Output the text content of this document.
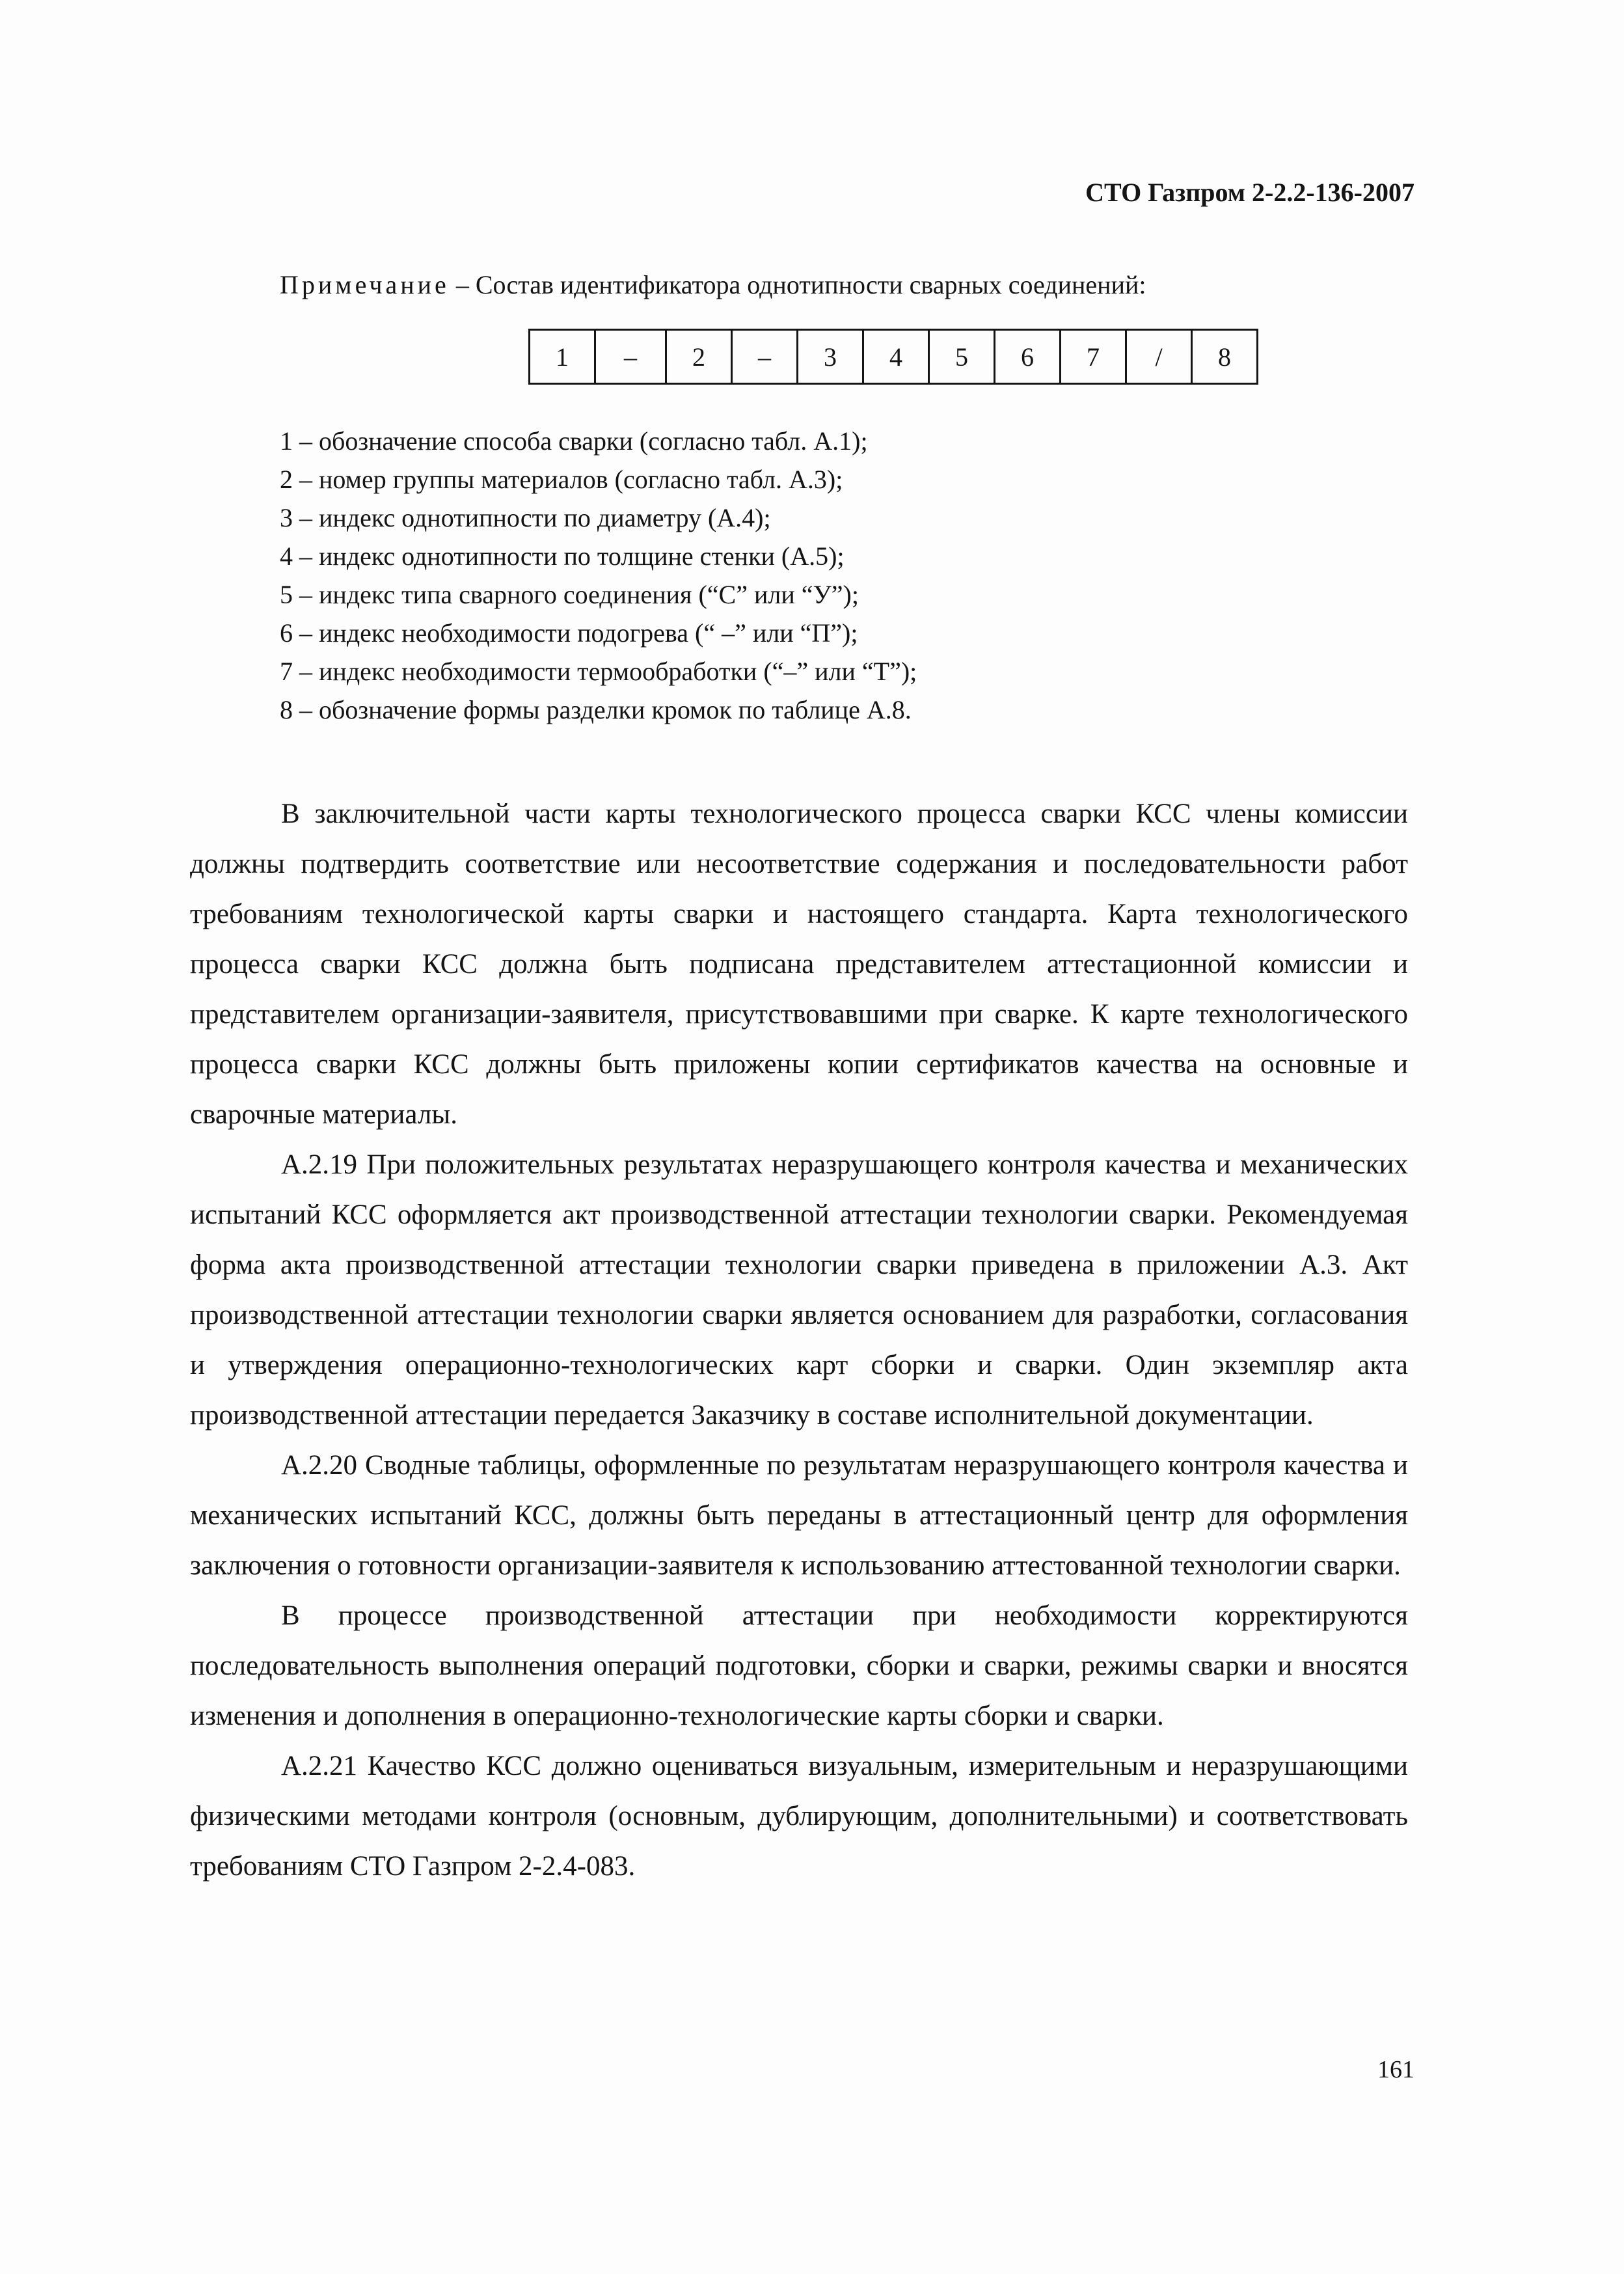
СТО Газпром 2-2.2-136-2007
Примечание – Состав идентификатора однотипности сварных соединений:
1	–	2	–	3	4	5	6	7	/	8
1 – обозначение способа сварки (согласно табл. А.1);
2 – номер группы материалов (согласно табл. А.3);
3 – индекс однотипности по диаметру (А.4);
4 – индекс однотипности по толщине стенки (А.5);
5 – индекс типа сварного соединения (“С” или “У”);
6 – индекс необходимости подогрева (“ –” или “П”);
7 – индекс необходимости термообработки (“–” или “Т”);
8 – обозначение формы разделки кромок по таблице А.8.

В заключительной части карты технологического процесса сварки КСС члены комиссии должны подтвердить соответствие или несоответствие содержания и последовательности работ требованиям технологической карты сварки и настоящего стандарта. Карта технологического процесса сварки КСС должна быть подписана представителем аттестационной комиссии и представителем организации-заявителя, присутствовавшими при сварке. К карте технологического процесса сварки КСС должны быть приложены копии сертификатов качества на основные и сварочные материалы.

А.2.19 При положительных результатах неразрушающего контроля качества и механических испытаний КСС оформляется акт производственной аттестации технологии сварки. Рекомендуемая форма акта производственной аттестации технологии сварки приведена в приложении А.3. Акт производственной аттестации технологии сварки является основанием для разработки, согласования и утверждения операционно-технологических карт сборки и сварки. Один экземпляр акта производственной аттестации передается Заказчику в составе исполнительной документации.

А.2.20 Сводные таблицы, оформленные по результатам неразрушающего контроля качества и механических испытаний КСС, должны быть переданы в аттестационный центр для оформления заключения о готовности организации-заявителя к использованию аттестованной технологии сварки.

В процессе производственной аттестации при необходимости корректируются последовательность выполнения операций подготовки, сборки и сварки, режимы сварки и вносятся изменения и дополнения в операционно-технологические карты сборки и сварки.

А.2.21 Качество КСС должно оцениваться визуальным, измерительным и неразрушающими физическими методами контроля (основным, дублирующим, дополнительными) и соответствовать требованиям СТО Газпром 2-2.4-083.

161
